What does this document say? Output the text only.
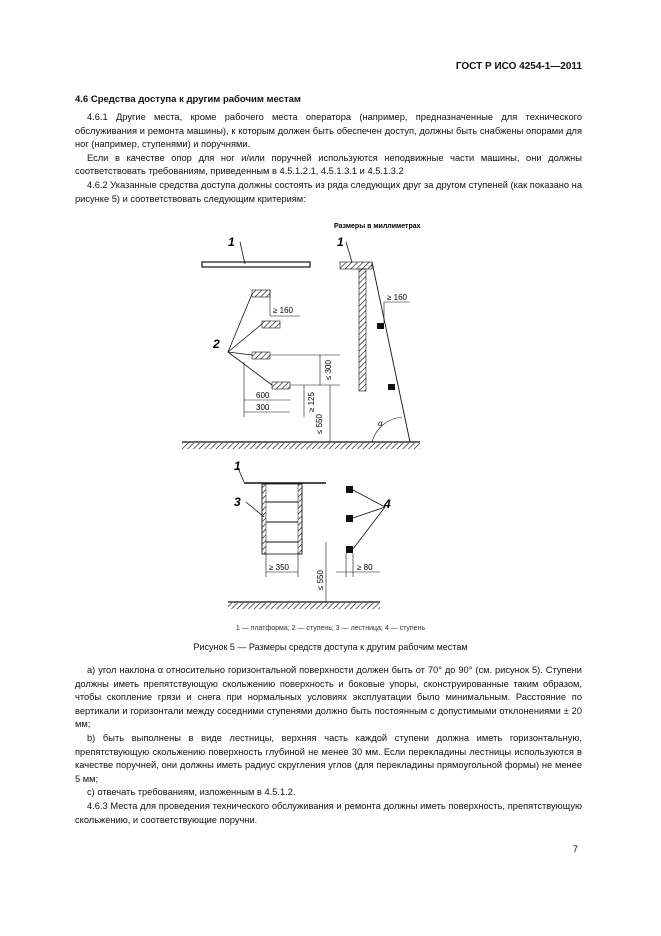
ГОСТ Р ИСО 4254-1—2011
4.6 Средства доступа к другим рабочим местам

4.6.1 Другие места, кроме рабочего места оператора (например, предназначенные для технического обслуживания и ремонта машины), к которым должен быть обеспечен доступ, должны быть снабжены опорами для ног (например, ступенями) и поручнями.

Если в качестве опор для ног и/или поручней используются неподвижные части машины, они должны соответствовать требованиям, приведенным в 4.5.1.2.1, 4.5.1.3.1 и 4.5.1.3.2

4.6.2 Указанные средства доступа должны состоять из ряда следующих друг за другом ступеней (как показано на рисунке 5) и соответствовать следующим критериям:

Размеры в миллиметрах
1
2
≥ 160
≤ 300
≥ 125
600
300
≤ 550
1
≥ 160
α
1
3
≥ 350
≤ 550
4
≥ 80
1 — платформа; 2 — ступень; 3 — лестница; 4 — ступень
Рисунок 5 — Размеры средств доступа к другим рабочим местам

a) угол наклона α относительно горизонтальной поверхности должен быть от 70° до 90° (см. рисунок 5). Ступени должны иметь препятствующую скольжению поверхность и боковые упоры, сконструированные таким образом, чтобы скопление грязи и снега при нормальных условиях эксплуатации было минимальным. Расстояние по вертикали и горизонтали между соседними ступенями должно быть постоянным с допустимыми отклонениями ± 20 мм;

b) быть выполнены в виде лестницы, верхняя часть каждой ступени должна иметь горизонтальную, препятствующую скольжению поверхность глубиной не менее 30 мм. Если перекладины лестницы используются в качестве поручней, они должны иметь радиус скругления углов (для перекладины прямоугольной формы) не менее 5 мм;

c) отвечать требованиям, изложенным в 4.5.1.2.

4.6.3 Места для проведения технического обслуживания и ремонта должны иметь поверхность, препятствующую скольжению, и соответствующие поручни.

7
